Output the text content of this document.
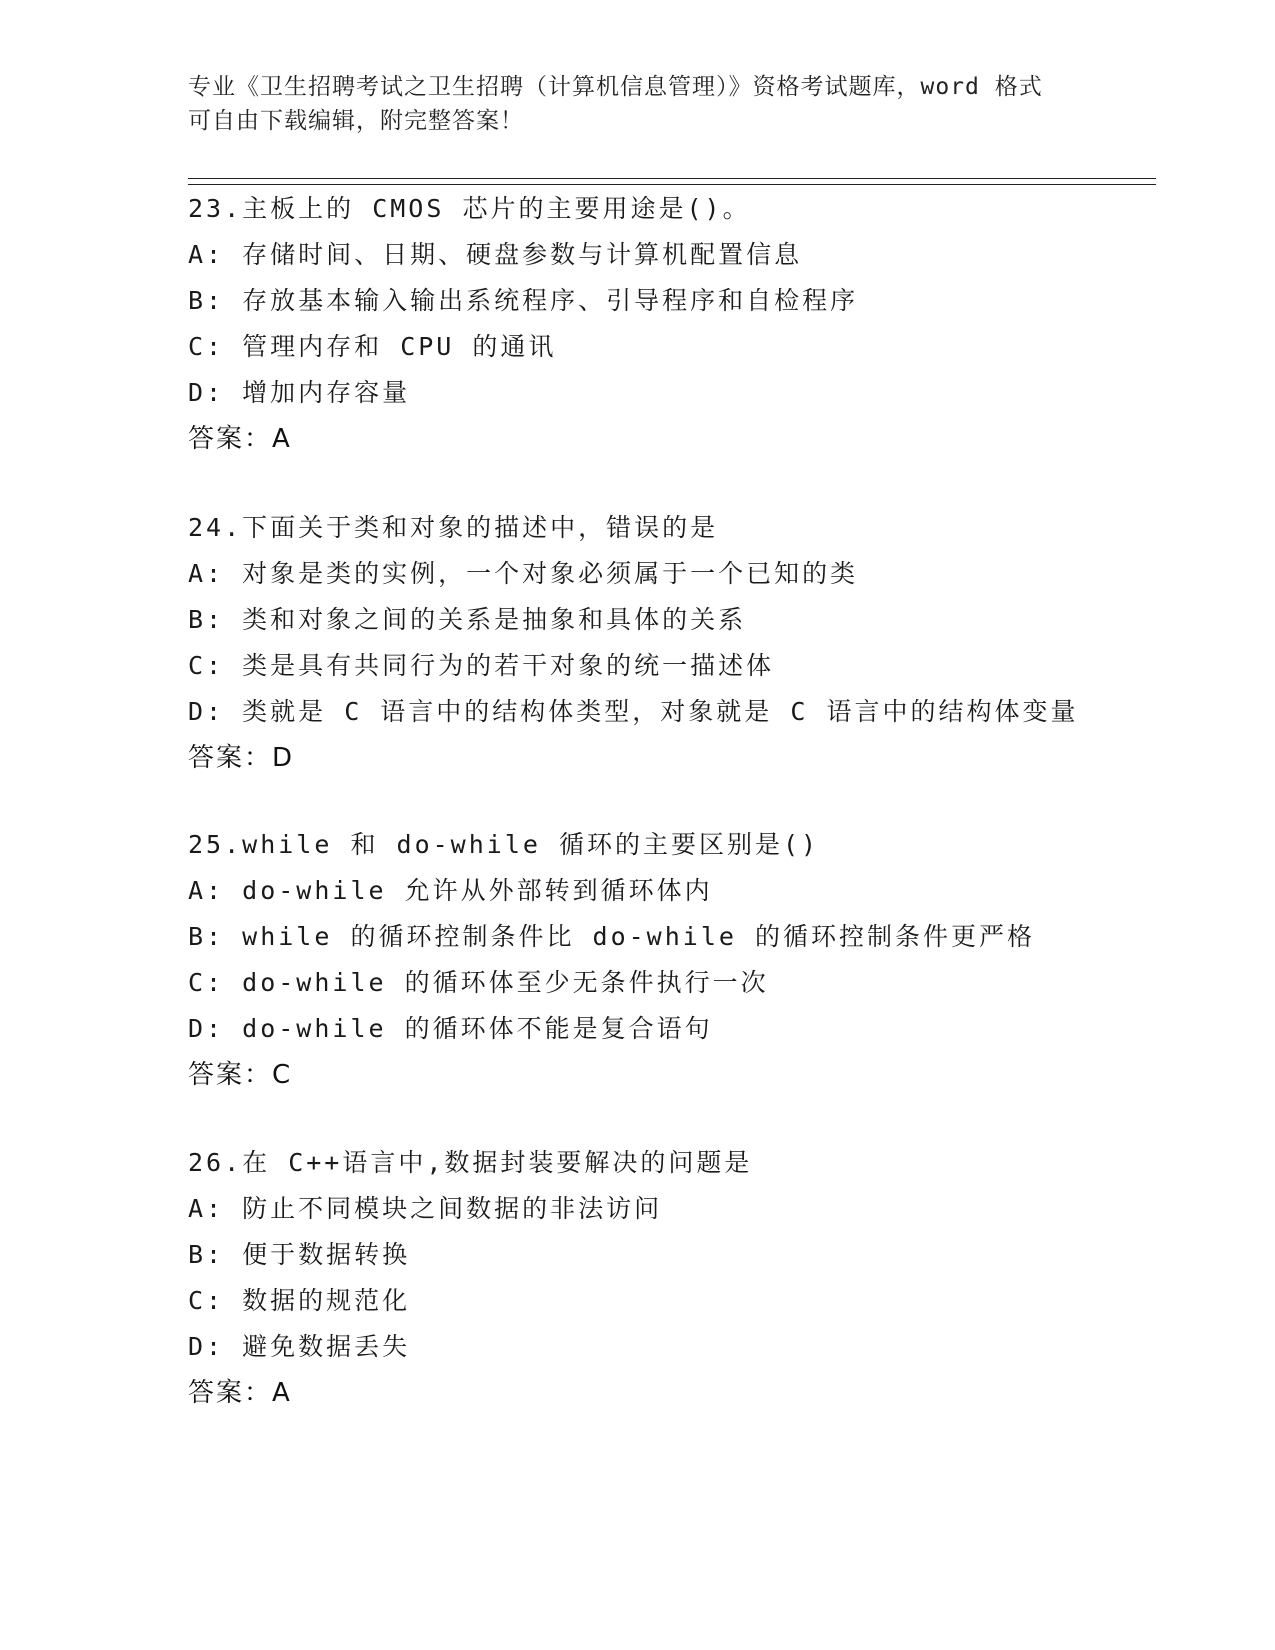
专业《卫生招聘考试之卫生招聘（计算机信息管理）》资格考试题库，word 格式
可自由下载编辑，附完整答案！
23.主板上的 CMOS 芯片的主要用途是()。
A: 存储时间、日期、硬盘参数与计算机配置信息
B: 存放基本输入输出系统程序、引导程序和自检程序
C: 管理内存和 CPU 的通讯
D: 增加内存容量
答案：A
24.下面关于类和对象的描述中，错误的是
A: 对象是类的实例，一个对象必须属于一个已知的类
B: 类和对象之间的关系是抽象和具体的关系
C: 类是具有共同行为的若干对象的统一描述体
D: 类就是 C 语言中的结构体类型，对象就是 C 语言中的结构体变量
答案：D
25.while 和 do-while 循环的主要区别是()
A: do-while 允许从外部转到循环体内
B: while 的循环控制条件比 do-while 的循环控制条件更严格
C: do-while 的循环体至少无条件执行一次
D: do-while 的循环体不能是复合语句
答案：C
26.在 C++语言中,数据封装要解决的问题是
A: 防止不同模块之间数据的非法访问
B: 便于数据转换
C: 数据的规范化
D: 避免数据丢失
答案：A
